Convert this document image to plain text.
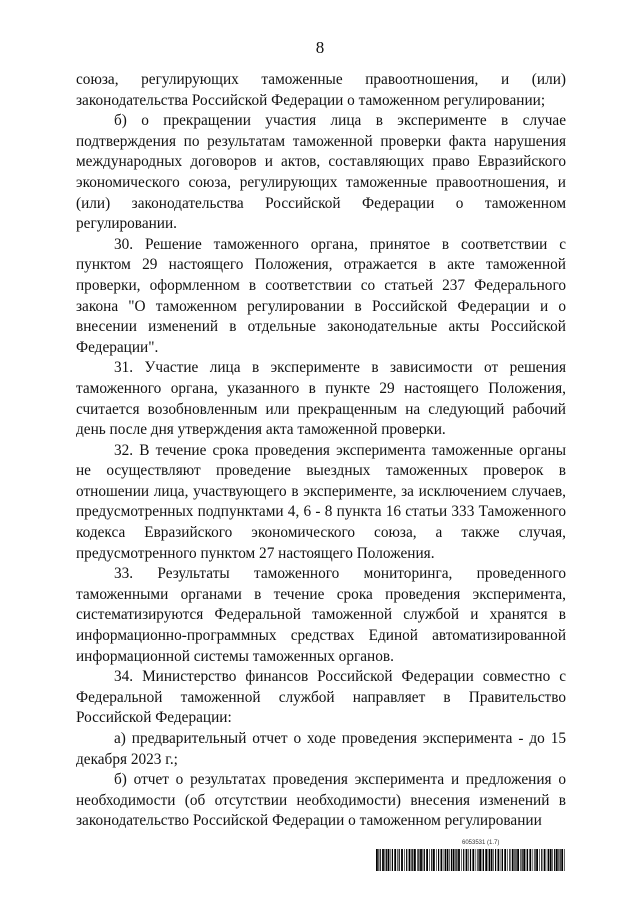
8

союза, регулирующих таможенные правоотношения, и (или) законодательства Российской Федерации о таможенном регулировании;

б) о прекращении участия лица в эксперименте в случае подтверждения по результатам таможенной проверки факта нарушения международных договоров и актов, составляющих право Евразийского экономического союза, регулирующих таможенные правоотношения, и (или) законодательства Российской Федерации о таможенном регулировании.

30. Решение таможенного органа, принятое в соответствии с пунктом 29 настоящего Положения, отражается в акте таможенной проверки, оформленном в соответствии со статьей 237 Федерального закона "О таможенном регулировании в Российской Федерации и о внесении изменений в отдельные законодательные акты Российской Федерации".

31. Участие лица в эксперименте в зависимости от решения таможенного органа, указанного в пункте 29 настоящего Положения, считается возобновленным или прекращенным на следующий рабочий день после дня утверждения акта таможенной проверки.

32. В течение срока проведения эксперимента таможенные органы не осуществляют проведение выездных таможенных проверок в отношении лица, участвующего в эксперименте, за исключением случаев, предусмотренных подпунктами 4, 6 - 8 пункта 16 статьи 333 Таможенного кодекса Евразийского экономического союза, а также случая, предусмотренного пунктом 27 настоящего Положения.

33. Результаты таможенного мониторинга, проведенного таможенными органами в течение срока проведения эксперимента, систематизируются Федеральной таможенной службой и хранятся в информационно-программных средствах Единой автоматизированной информационной системы таможенных органов.

34. Министерство финансов Российской Федерации совместно с Федеральной таможенной службой направляет в Правительство Российской Федерации:

а) предварительный отчет о ходе проведения эксперимента - до 15 декабря 2023 г.;

б) отчет о результатах проведения эксперимента и предложения о необходимости (об отсутствии необходимости) внесения изменений в законодательство Российской Федерации о таможенном регулировании

6053531 (1.7)
